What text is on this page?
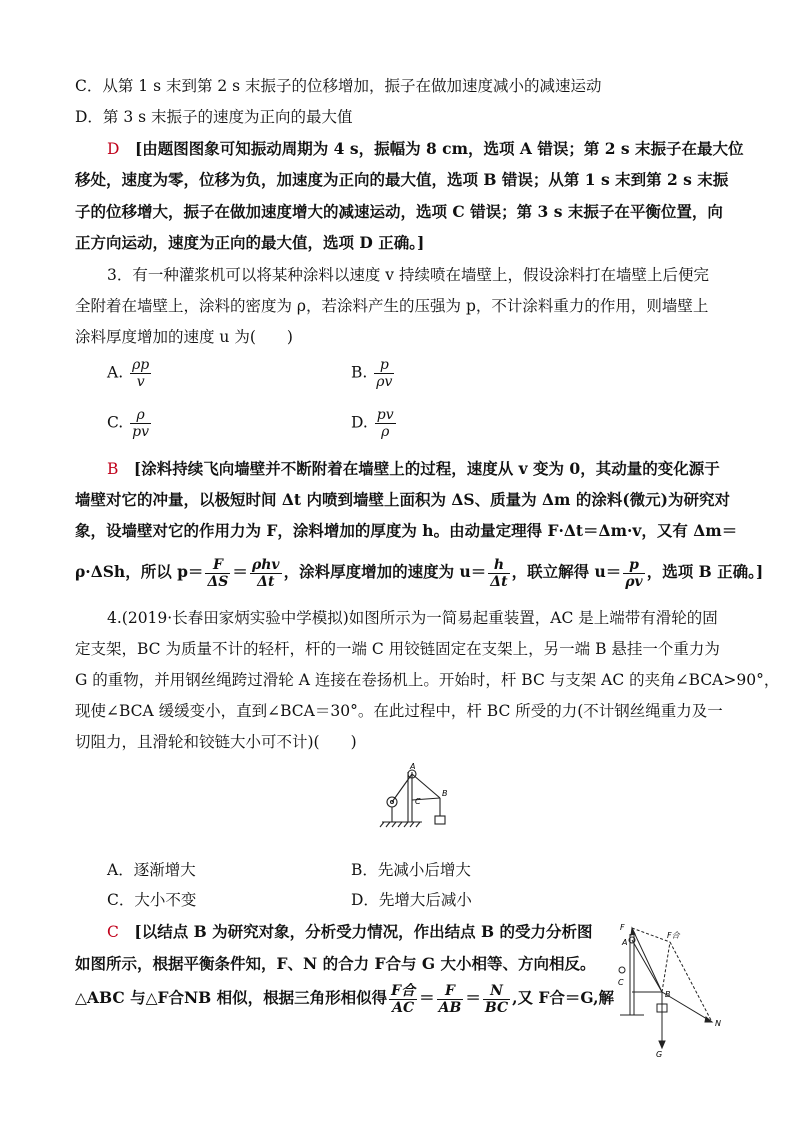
C．从第 1 s 末到第 2 s 末振子的位移增加，振子在做加速度减小的减速运动
D．第 3 s 末振子的速度为正向的最大值
D　 [由题图图象可知振动周期为 4 s，振幅为 8 cm，选项 A 错误；第 2 s 末振子在最大位
移处，速度为零，位移为负，加速度为正向的最大值，选项 B 错误；从第 1 s 末到第 2 s 末振
子的位移增大，振子在做加速度增大的减速运动，选项 C 错误；第 3 s 末振子在平衡位置，向
正方向运动，速度为正向的最大值，选项 D 正确。]
3．有一种灌浆机可以将某种涂料以速度 v 持续喷在墙壁上，假设涂料打在墙壁上后便完
全附着在墙壁上，涂料的密度为 ρ，若涂料产生的压强为 p，不计涂料重力的作用，则墙壁上
涂料厚度增加的速度 u 为(　　)
A. $\frac{\rho p}{v}$	B. $\frac{p}{\rho v}$
C. $\frac{\rho}{pv}$	D. $\frac{pv}{\rho}$
B　 [涂料持续飞向墙壁并不断附着在墙壁上的过程，速度从 v 变为 0，其动量的变化源于
墙壁对它的冲量，以极短时间 Δt 内喷到墙壁上面积为 ΔS、质量为 Δm 的涂料(微元)为研究对
象，设墙壁对它的作用力为 F，涂料增加的厚度为 h。由动量定理得 F·Δt＝Δm·v，又有 Δm＝
ρ·ΔSh，所以 $p= \frac{F}{\Delta S} = \frac{\text{ρhv}}{\Delta t}$ ，涂料厚度增加的速度为 $u= \frac{h}{\Delta t}$ ，联立解得 $u= \frac{p}{\rho v}$ ，选项 B 正确。]
4.(2019·长春田家炳实验中学模拟)如图所示为一简易起重装置，AC 是上端带有滑轮的固
定支架，BC 为质量不计的轻杆，杆的一端 C 用铰链固定在支架上，另一端 B 悬挂一个重力为
G 的重物，并用钢丝绳跨过滑轮 A 连接在卷扬机上。开始时，杆 BC 与支架 AC 的夹角∠BCA>90°，
现使∠BCA 缓缓变小，直到∠BCA＝30°。在此过程中，杆 BC 所受的力(不计钢丝绳重力及一
切阻力，且滑轮和铰链大小可不计)(　　)
A
B
C
A．逐渐增大	B．先减小后增大
C．大小不变	D．先增大后减小
C　 [以结点 B 为研究对象，分析受力情况，作出结点 B 的受力分析图
如图所示，根据平衡条件知，F、N 的合力 F合与 G 大小相等、方向相反。
△ABC 与△F合NB 相似，根据三角形相似得 $\frac{\text{F合}}{AC} = \frac{F}{AB} = \frac{N}{BC}$ ,又 F合＝G,解
F
F合
A
C
B
N
G
